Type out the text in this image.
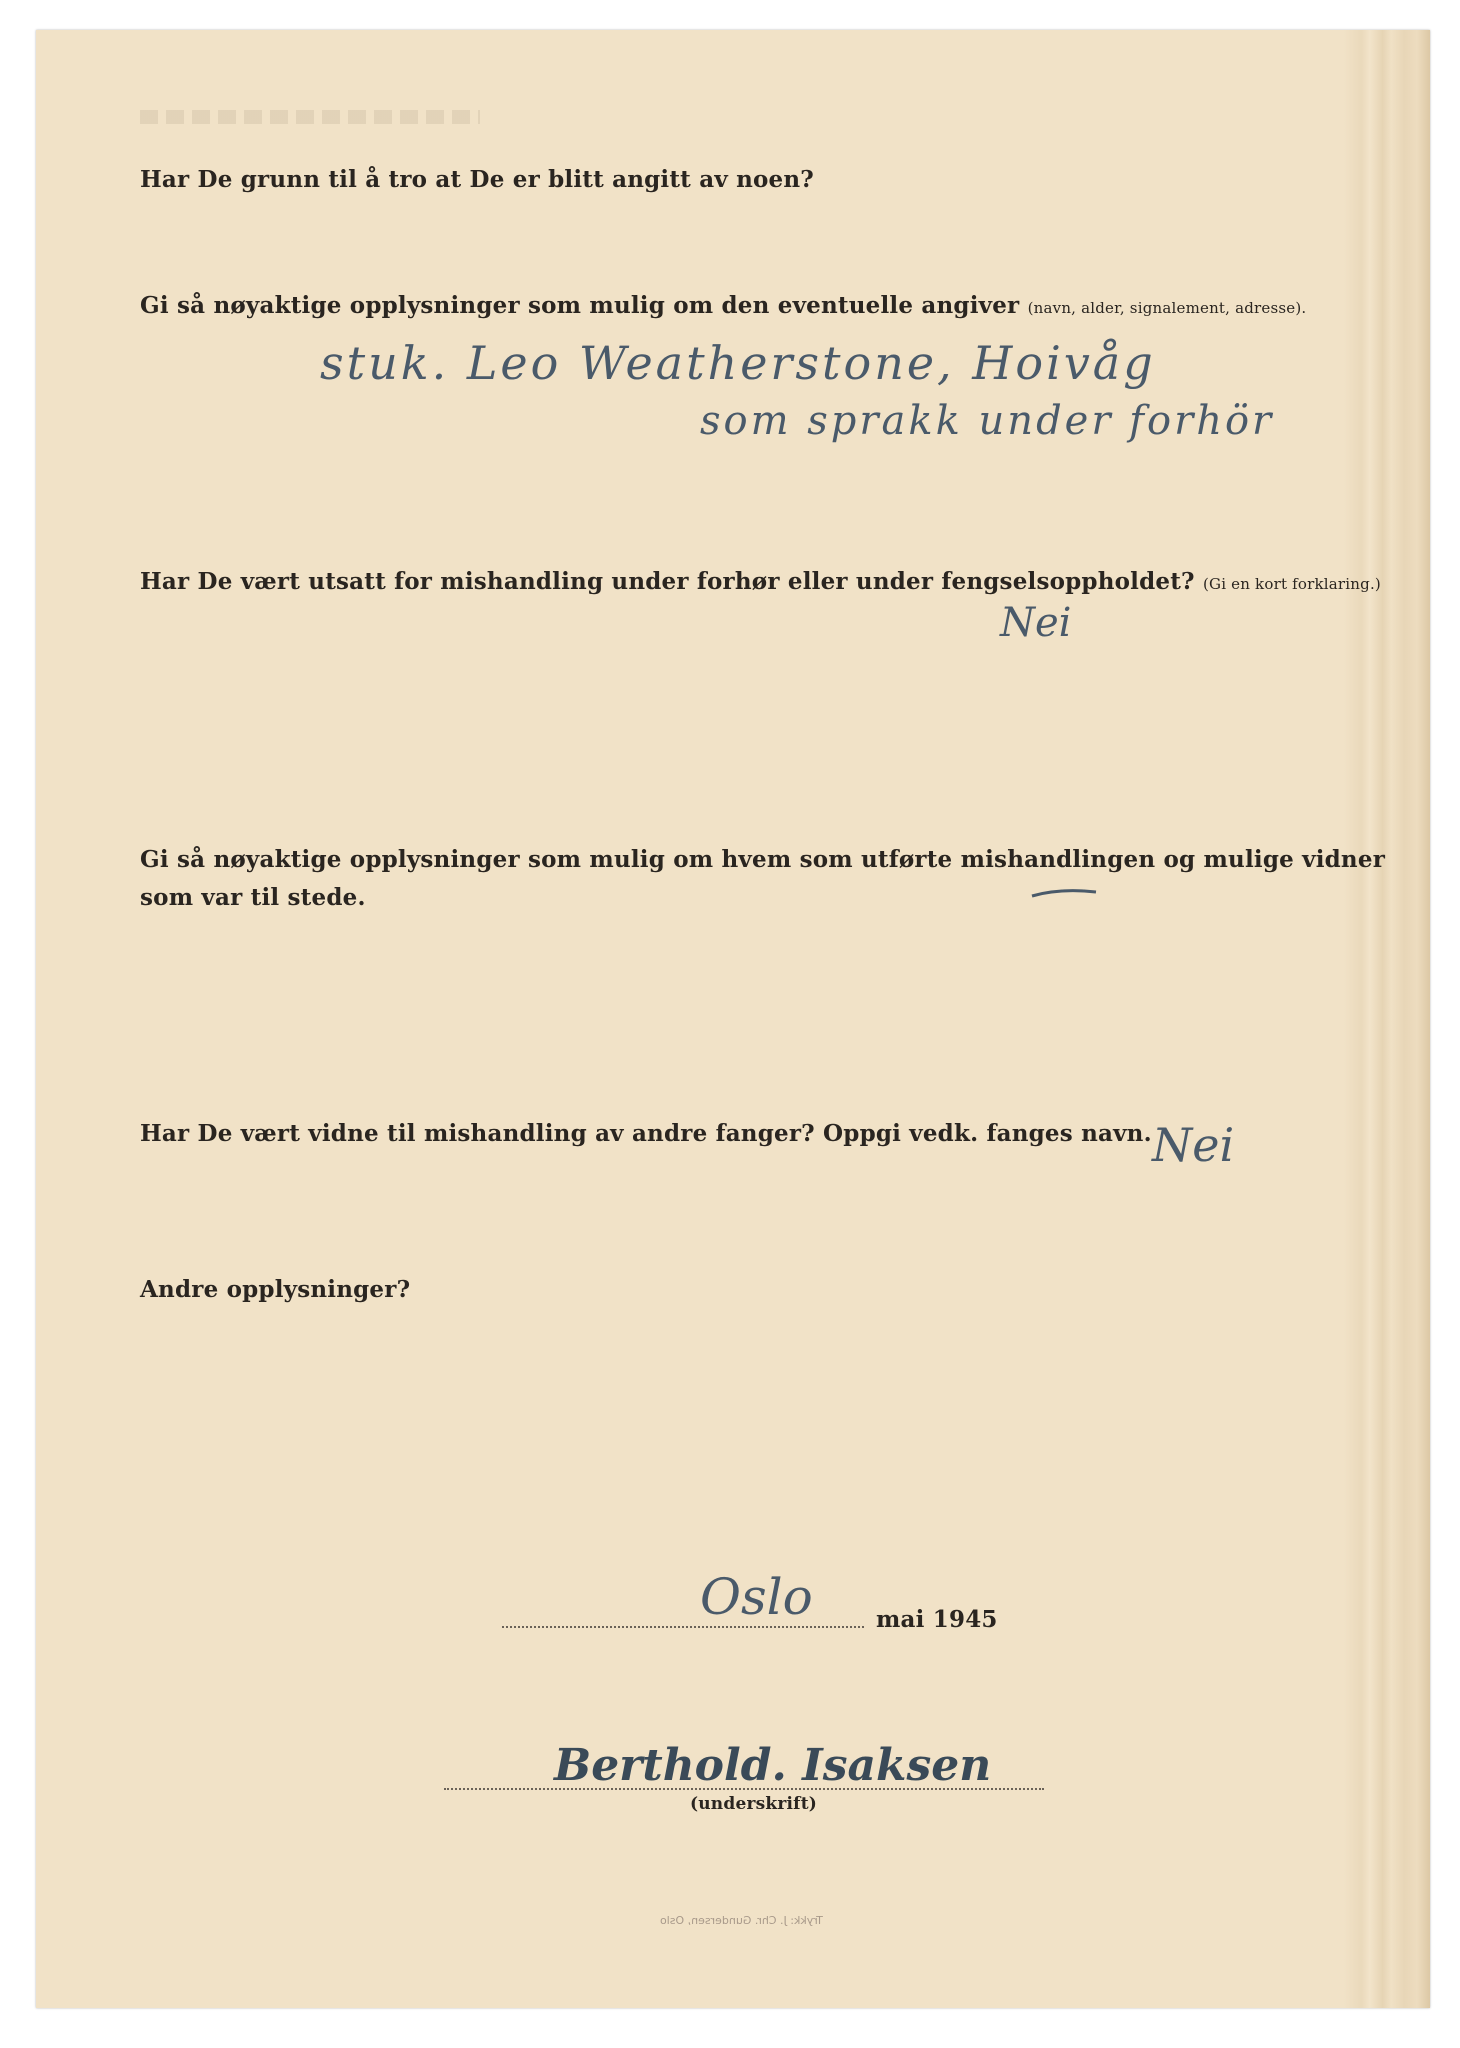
Har De grunn til å tro at De er blitt angitt av noen?
Gi så nøyaktige opplysninger som mulig om den eventuelle angiver (navn, alder, signalement, adresse).
stuk. Leo Weatherstone, Hoivåg
som sprakk under forhör
Har De vært utsatt for mishandling under forhør eller under fengselsoppholdet? (Gi en kort forklaring.)
Nei
Gi så nøyaktige opplysninger som mulig om hvem som utførte mishandlingen og mulige vidner
som var til stede.
Har De vært vidne til mishandling av andre fanger? Oppgi vedk. fanges navn. Nei
Andre opplysninger?
Oslo	mai 1945
Berthold. Isaksen
(underskrift)
Trykk: J. Chr. Gundersen, Oslo
